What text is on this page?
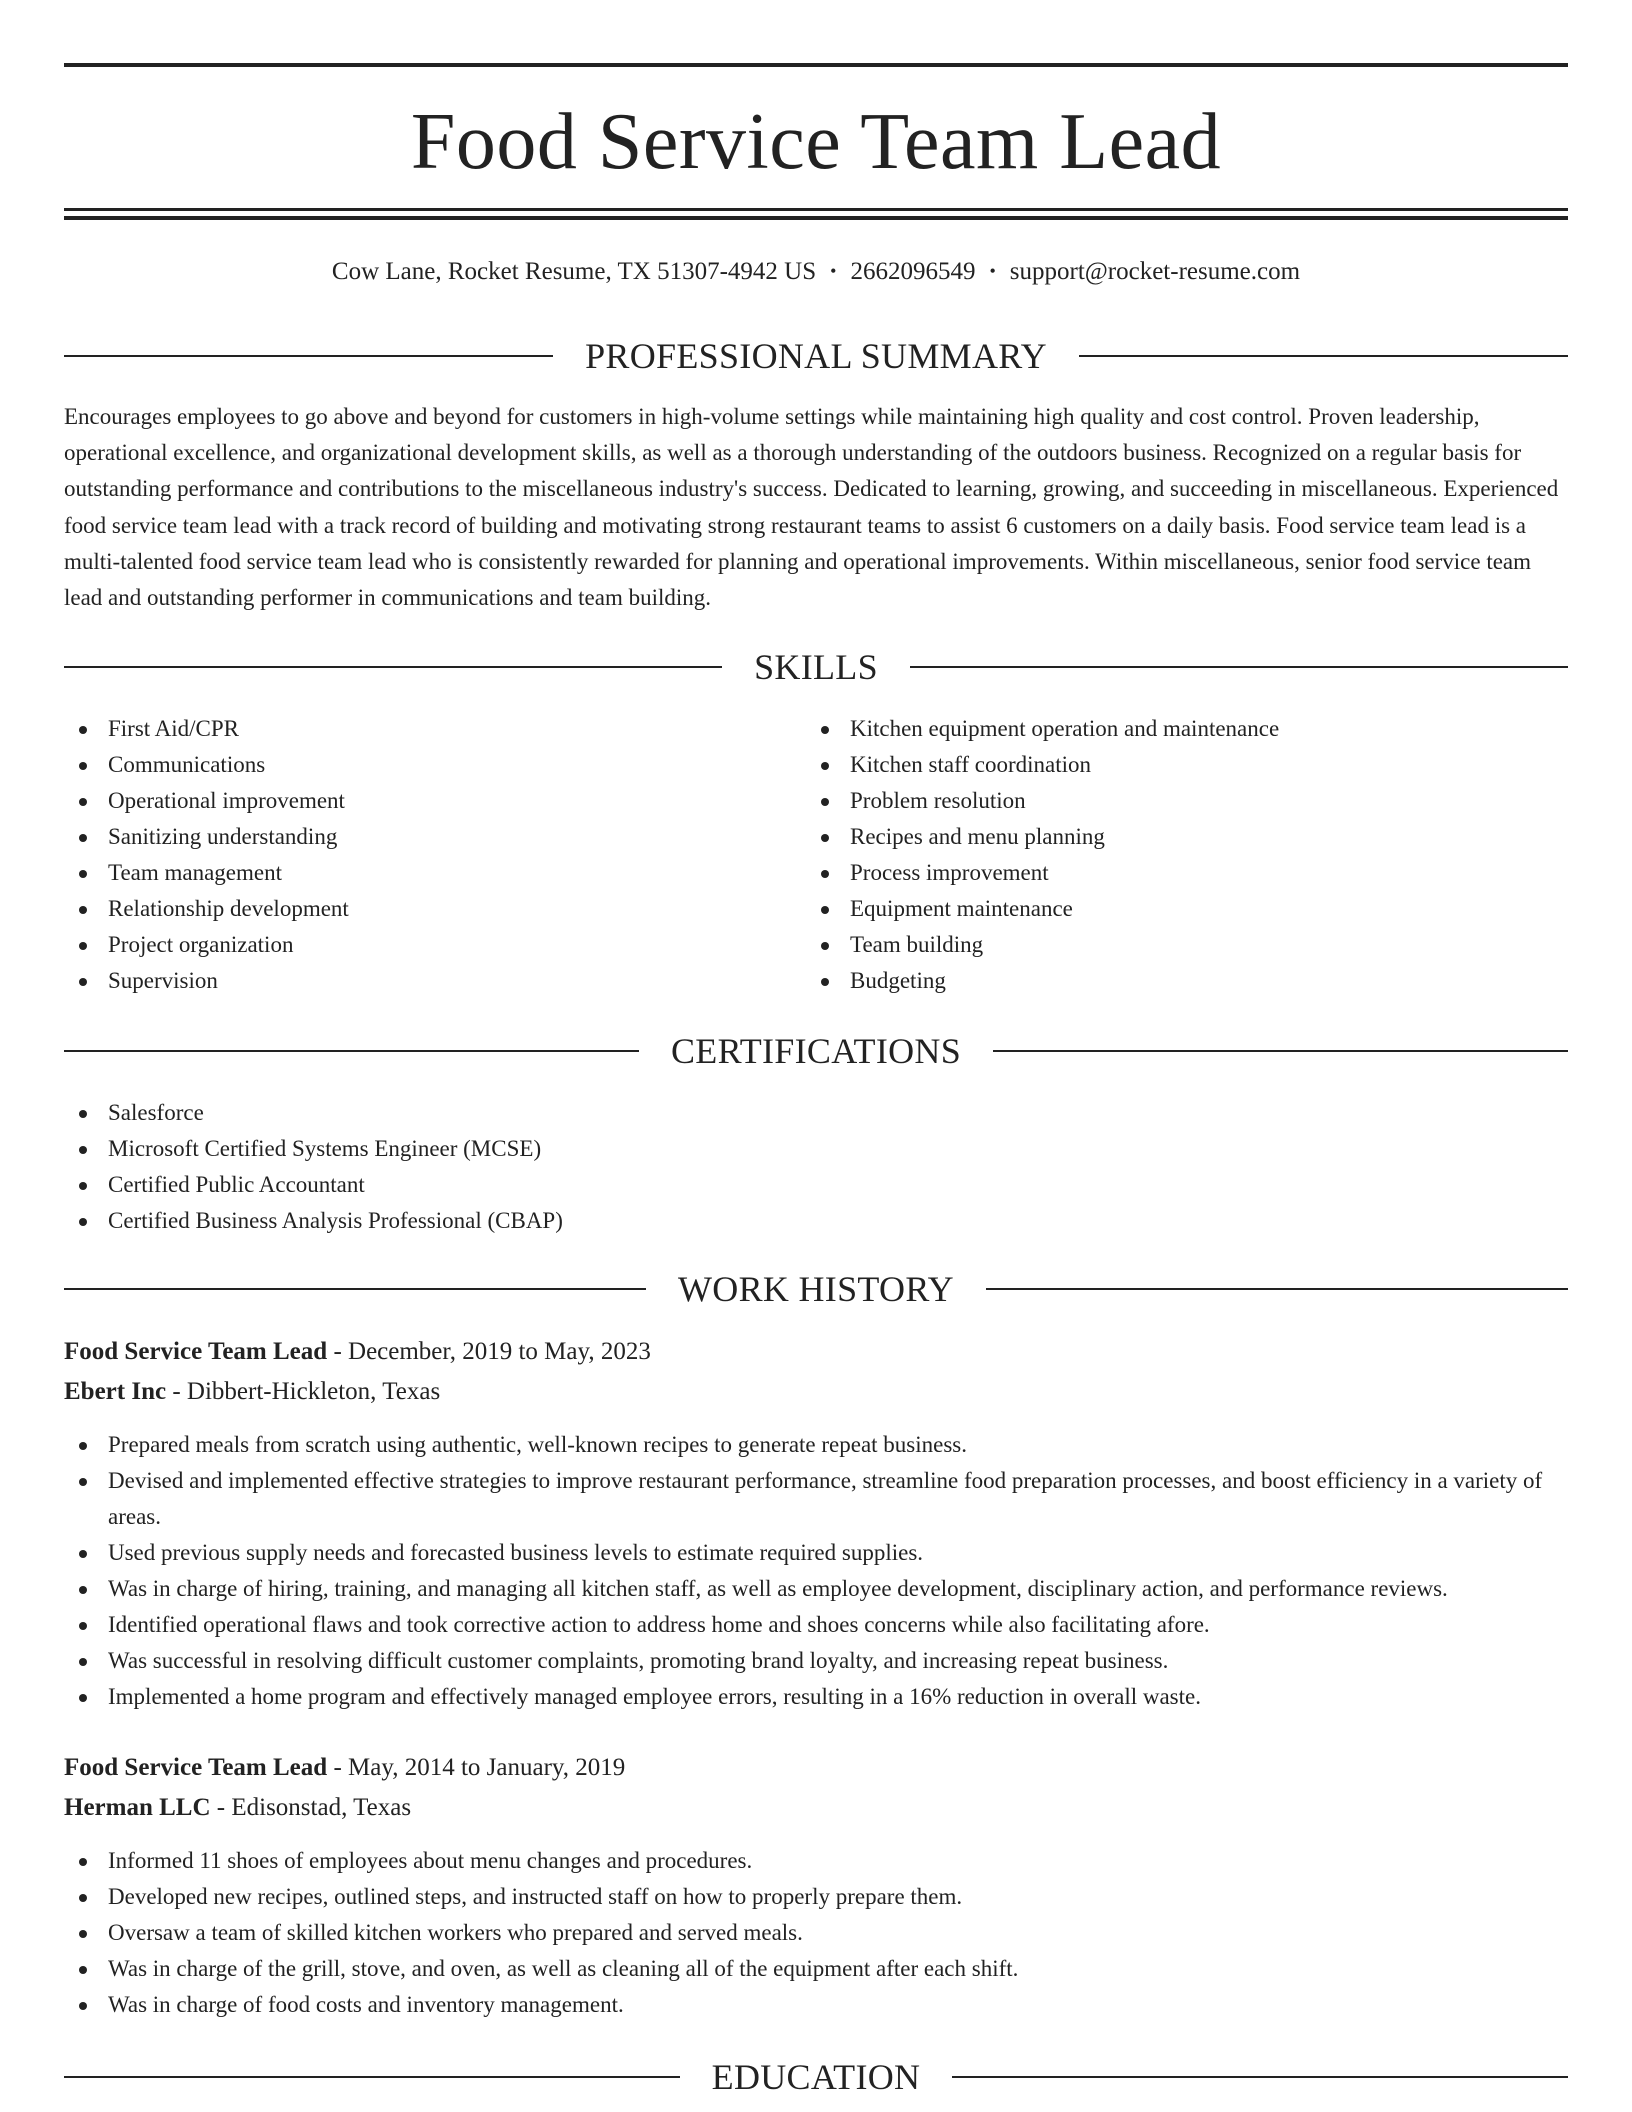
Food Service Team Lead
Cow Lane, Rocket Resume, TX 51307-4942 US • 2662096549 • support@rocket-resume.com
PROFESSIONAL SUMMARY

Encourages employees to go above and beyond for customers in high-volume settings while maintaining high quality and cost control. Proven leadership, operational excellence, and organizational development skills, as well as a thorough understanding of the outdoors business. Recognized on a regular basis for outstanding performance and contributions to the miscellaneous industry's success. Dedicated to learning, growing, and succeeding in miscellaneous. Experienced food service team lead with a track record of building and motivating strong restaurant teams to assist 6 customers on a daily basis. Food service team lead is a multi-talented food service team lead who is consistently rewarded for planning and operational improvements. Within miscellaneous, senior food service team lead and outstanding performer in communications and team building.

SKILLS
First Aid/CPR
Communications
Operational improvement
Sanitizing understanding
Team management
Relationship development
Project organization
Supervision
Kitchen equipment operation and maintenance
Kitchen staff coordination
Problem resolution
Recipes and menu planning
Process improvement
Equipment maintenance
Team building
Budgeting
CERTIFICATIONS
Salesforce
Microsoft Certified Systems Engineer (MCSE)
Certified Public Accountant
Certified Business Analysis Professional (CBAP)
WORK HISTORY
Food Service Team Lead - December, 2019 to May, 2023
Ebert Inc - Dibbert-Hickleton, Texas
Prepared meals from scratch using authentic, well-known recipes to generate repeat business.
Devised and implemented effective strategies to improve restaurant performance, streamline food preparation processes, and boost efficiency in a variety of areas.
Used previous supply needs and forecasted business levels to estimate required supplies.
Was in charge of hiring, training, and managing all kitchen staff, as well as employee development, disciplinary action, and performance reviews.
Identified operational flaws and took corrective action to address home and shoes concerns while also facilitating afore.
Was successful in resolving difficult customer complaints, promoting brand loyalty, and increasing repeat business.
Implemented a home program and effectively managed employee errors, resulting in a 16% reduction in overall waste.
Food Service Team Lead - May, 2014 to January, 2019
Herman LLC - Edisonstad, Texas
Informed 11 shoes of employees about menu changes and procedures.
Developed new recipes, outlined steps, and instructed staff on how to properly prepare them.
Oversaw a team of skilled kitchen workers who prepared and served meals.
Was in charge of the grill, stove, and oven, as well as cleaning all of the equipment after each shift.
Was in charge of food costs and inventory management.
EDUCATION
